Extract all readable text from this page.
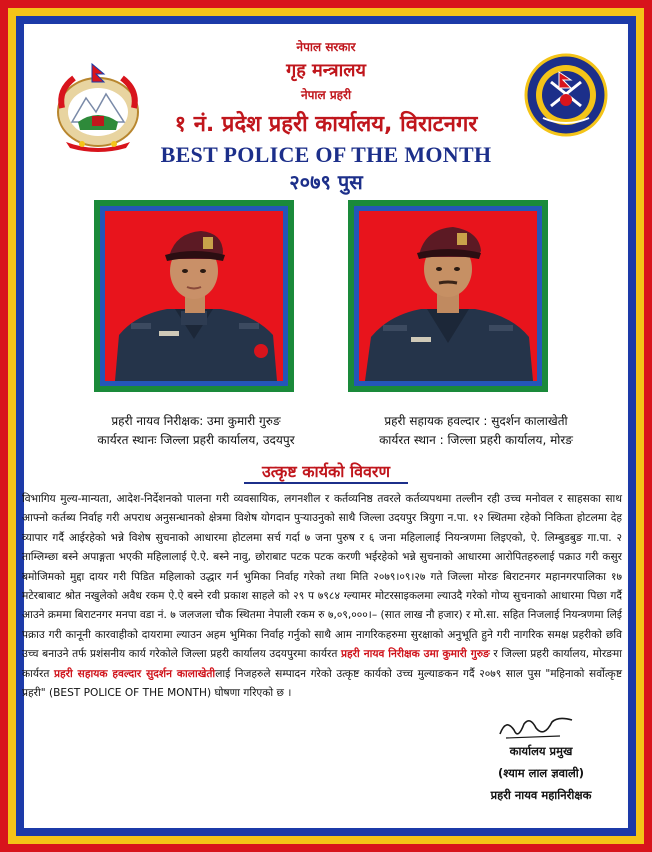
नेपाल सरकार
गृह मन्त्रालय
नेपाल प्रहरी
१ नं. प्रदेश प्रहरी कार्यालय, विराटनगर
BEST POLICE OF THE MONTH
२०७९ पुस
प्रहरी नायव निरीक्षक: उमा कुमारी गुरुङ
कार्यरत स्थानः जिल्ला प्रहरी कार्यालय, उदयपुर
प्रहरी सहायक हवल्दार : सुदर्शन कालाखेती
कार्यरत स्थान : जिल्ला प्रहरी कार्यालय, मोरङ
उत्कृष्ट कार्यको विवरण
विभागिय मुल्य-मान्यता, आदेश-निर्देशनको पालना गरी व्यवसायिक, लगनशील र कर्तव्यनिष्ठ तवरले कर्तव्यपथमा तल्लीन रही उच्च मनोवल र साहसका साथ आफ्नो कर्तब्य निर्वाह गरी अपराध अनुसन्धानको क्षेत्रमा विशेष योगदान पुर्‍याउनुको साथै जिल्ला उदयपुर त्रियुगा न.पा. १२ स्थितमा रहेको निकिता होटलमा देह व्यापार गर्दै आईरहेको भन्ने विशेष सुचनाको आधारमा होटलमा सर्च गर्दा ७ जना पुरुष र ६ जना महिलालाई नियन्त्रणमा लिइएको, ऐ. लिम्बुडबुङ गा.पा. २ ताम्लिम्छा बस्ने अपाङ्गता भएकी महिलालाई ऐ.ऐ. बस्ने नावु, छोराबाट पटक पटक करणी भईरहेको भन्ने सुचनाको आधारमा आरोपितहरुलाई पक्राउ गरी कसुर बमोजिमको मुद्दा दायर गरी पिडित महिलाको उद्धार गर्न भुमिका निर्वाह गरेको तथा मिति २०७९।०९।२७ गते जिल्ला मोरङ बिराटनगर महानगरपालिका १७ मटेरबाबाट श्रोत नखुलेको अवैध रकम ऐ.ऐ बस्ने रवी प्रकाश साहले को २९ प ७९८४ ग्ल्यामर मोटरसाइकलमा ल्याउदै गरेको गोप्य सुचनाको आधारमा पिछा गर्दै आउने क्रममा बिराटनगर मनपा वडा नं. ७ जलजला चौक स्थितमा नेपाली रकम रु ७,०९,०००।– (सात लाख नौ हजार) र मो.सा. सहित निजलाई नियन्त्रणमा लिई पक्राउ गरी कानूनी कारवाहीको दायरामा ल्याउन अहम भुमिका निर्वाह गर्नुको साथै आम नागरिकहरुमा सुरक्षाको अनुभूति हुने गरी नागरिक समक्ष प्रहरीको छवि उच्च बनाउने तर्फ प्रशंसनीय कार्य गरेकोले जिल्ला प्रहरी कार्यालय उदयपुरमा कार्यरत प्रहरी नायव निरीक्षक उमा कुमारी गुरुङ र जिल्ला प्रहरी कार्यालय, मोरङमा कार्यरत प्रहरी सहायक हवल्दार सुदर्शन कालाखेतीलाई निजहरुले सम्पादन गरेको उत्कृष्ट कार्यको उच्च मुल्याङकन गर्दै २०७९ साल पुस "महिनाको सर्वोत्कृष्ट प्रहरी" (BEST POLICE OF THE MONTH) घोषणा गरिएको छ ।
कार्यालय प्रमुख
(श्याम लाल ज्ञवाली)
प्रहरी नायव महानिरीक्षक
